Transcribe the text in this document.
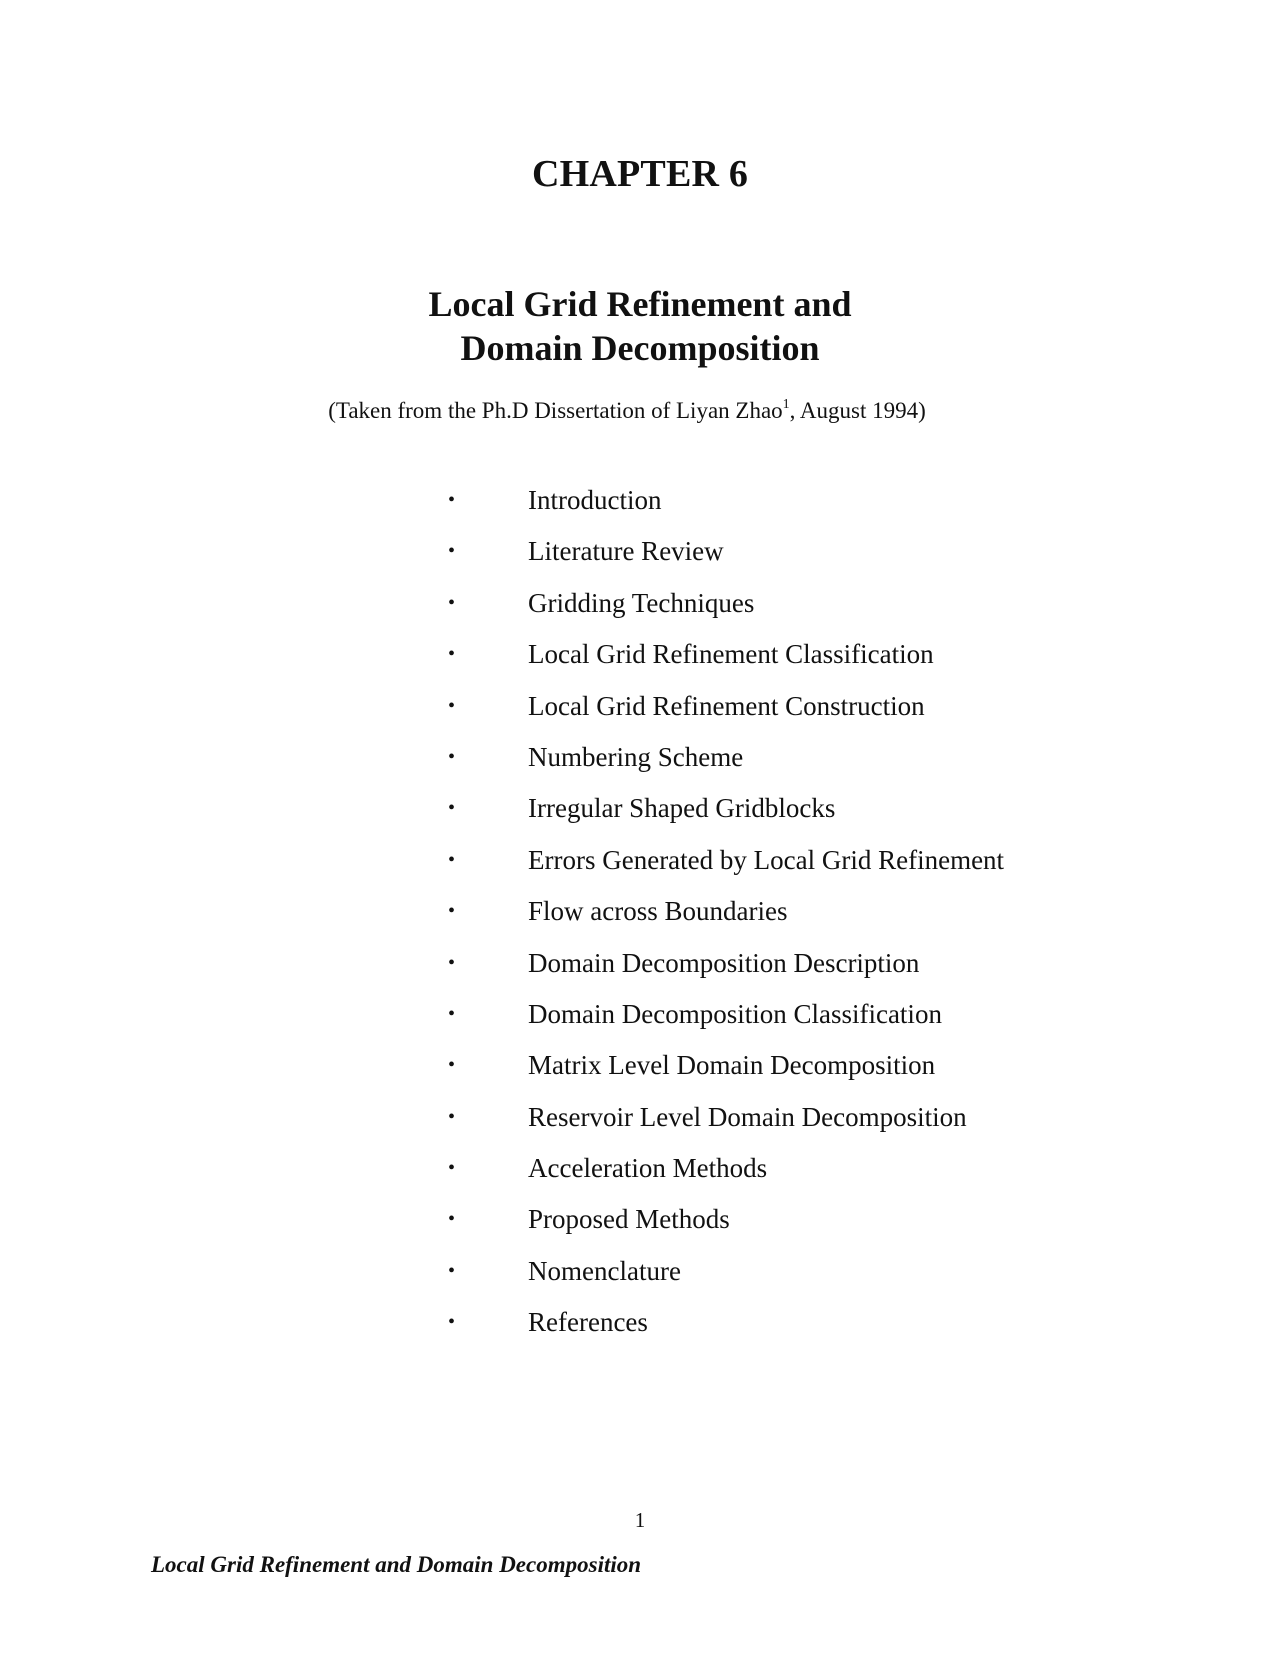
CHAPTER 6
Local Grid Refinement and
Domain Decomposition
(Taken from the Ph.D Dissertation of Liyan Zhao$^1$, August 1994)
•	Introduction
•	Literature Review
•	Gridding Techniques
•	Local Grid Refinement Classification
•	Local Grid Refinement Construction
•	Numbering Scheme
•	Irregular Shaped Gridblocks
•	Errors Generated by Local Grid Refinement
•	Flow across Boundaries
•	Domain Decomposition Description
•	Domain Decomposition Classification
•	Matrix Level Domain Decomposition
•	Reservoir Level Domain Decomposition
•	Acceleration Methods
•	Proposed Methods
•	Nomenclature
•	References
1
Local Grid Refinement and Domain Decomposition
